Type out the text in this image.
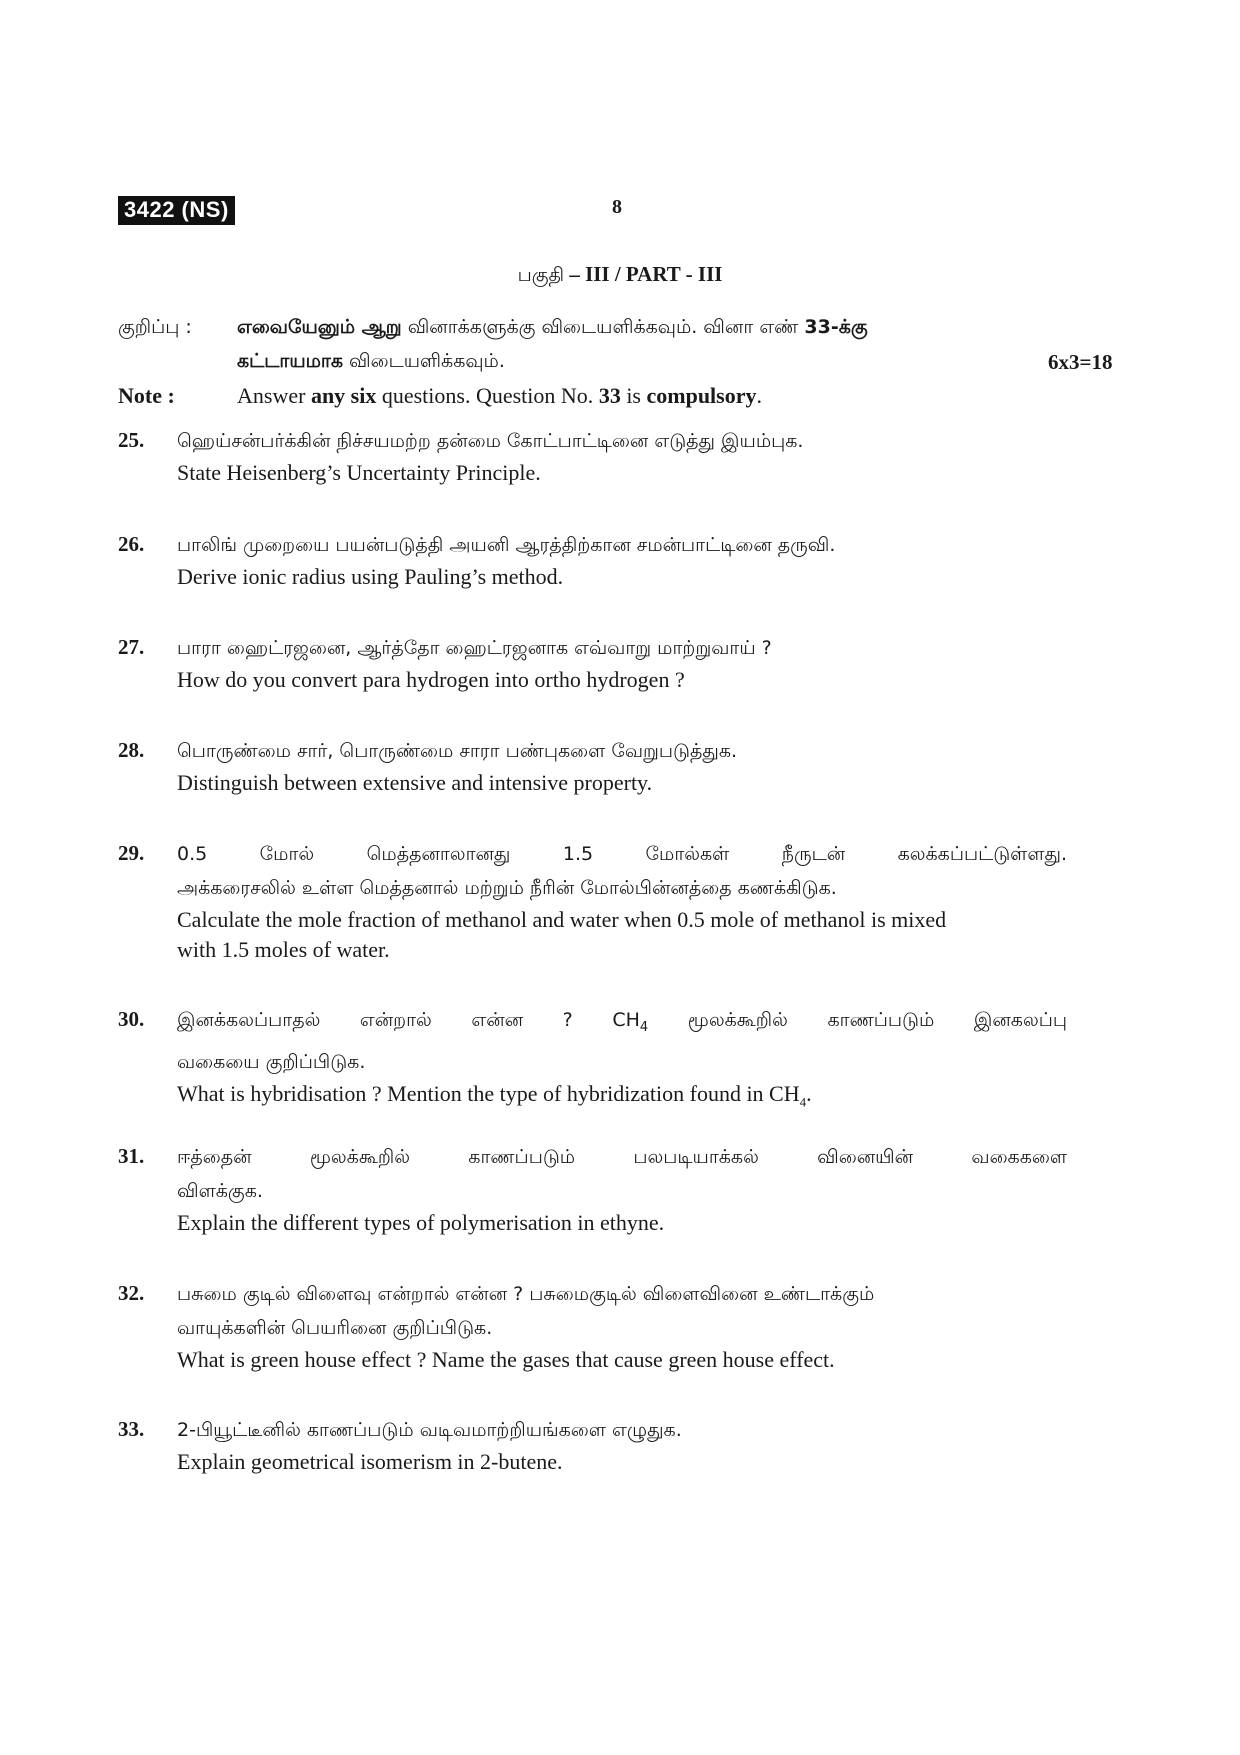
3422 (NS)	8
பகுதி – III / PART - III
குறிப்பு : எவையேனும் ஆறு வினாக்களுக்கு விடையளிக்கவும். வினா எண் 33-க்கு
கட்டாயமாக விடையளிக்கவும்.	6x3=18
Note :	Answer any six questions. Question No. 33 is compulsory.
25. ஹெய்சன்பர்க்கின் நிச்சயமற்ற தன்மை கோட்பாட்டினை எடுத்து இயம்புக.
State Heisenberg’s Uncertainty Principle.
26. பாலிங் முறையை பயன்படுத்தி அயனி ஆரத்திற்கான சமன்பாட்டினை தருவி.
Derive ionic radius using Pauling’s method.
27. பாரா ஹைட்ரஜனை, ஆர்த்தோ ஹைட்ரஜனாக எவ்வாறு மாற்றுவாய் ?
How do you convert para hydrogen into ortho hydrogen ?
28. பொருண்மை சார், பொருண்மை சாரா பண்புகளை வேறுபடுத்துக.
Distinguish between extensive and intensive property.
29. 0.5 மோல் மெத்தனாலானது 1.5 மோல்கள் நீருடன் கலக்கப்பட்டுள்ளது.
அக்கரைசலில் உள்ள மெத்தனால் மற்றும் நீரின் மோல்பின்னத்தை கணக்கிடுக.
Calculate the mole fraction of methanol and water when 0.5 mole of methanol is mixed
with 1.5 moles of water.
30. இனக்கலப்பாதல் என்றால் என்ன ? $CH_4$ மூலக்கூறில் காணப்படும் இனகலப்பு
வகையை குறிப்பிடுக.
What is hybridisation ? Mention the type of hybridization found in $CH_4$.
31. ஈத்தைன் மூலக்கூறில் காணப்படும் பலபடியாக்கல் வினையின் வகைகளை
விளக்குக.
Explain the different types of polymerisation in ethyne.
32. பசுமை குடில் விளைவு என்றால் என்ன ? பசுமைகுடில் விளைவினை உண்டாக்கும்
வாயுக்களின் பெயரினை குறிப்பிடுக.
What is green house effect ? Name the gases that cause green house effect.
33. 2-பியூட்டீனில் காணப்படும் வடிவமாற்றியங்களை எழுதுக.
Explain geometrical isomerism in 2-butene.
